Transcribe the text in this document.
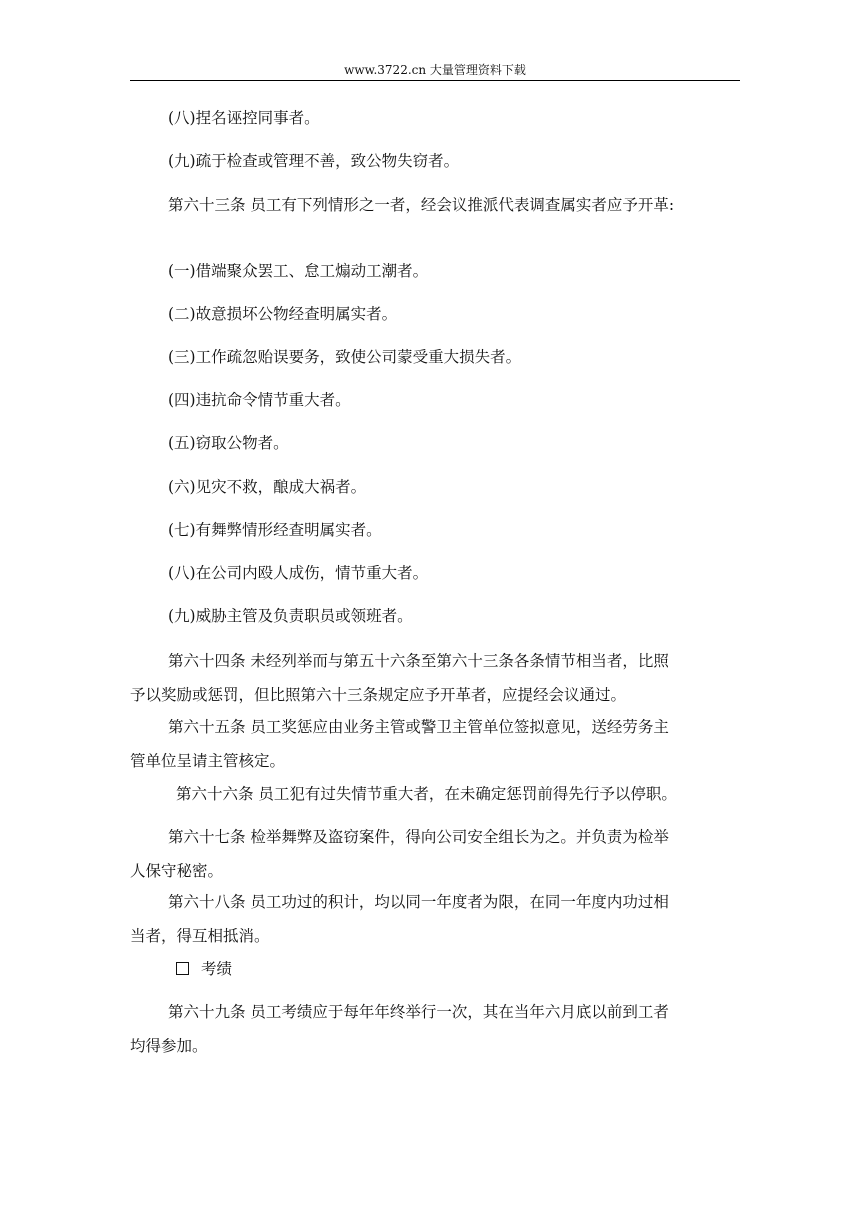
www.3722.cn 大量管理资料下载
(八)捏名诬控同事者。
(九)疏于检查或管理不善，致公物失窃者。
第六十三条 员工有下列情形之一者，经会议推派代表调查属实者应予开革:
(一)借端聚众罢工、怠工煽动工潮者。
(二)故意损坏公物经查明属实者。
(三)工作疏忽贻误要务，致使公司蒙受重大损失者。
(四)违抗命令情节重大者。
(五)窃取公物者。
(六)见灾不救，酿成大祸者。
(七)有舞弊情形经查明属实者。
(八)在公司内殴人成伤，情节重大者。
(九)威胁主管及负责职员或领班者。
第六十四条 未经列举而与第五十六条至第六十三条各条情节相当者，比照
予以奖励或惩罚，但比照第六十三条规定应予开革者，应提经会议通过。
第六十五条 员工奖惩应由业务主管或警卫主管单位签拟意见，送经劳务主
管单位呈请主管核定。
第六十六条 员工犯有过失情节重大者，在未确定惩罚前得先行予以停职。
第六十七条 检举舞弊及盗窃案件，得向公司安全组长为之。并负责为检举
人保守秘密。
第六十八条 员工功过的积计，均以同一年度者为限，在同一年度内功过相
当者，得互相抵消。
考绩
第六十九条 员工考绩应于每年年终举行一次，其在当年六月底以前到工者
均得参加。
